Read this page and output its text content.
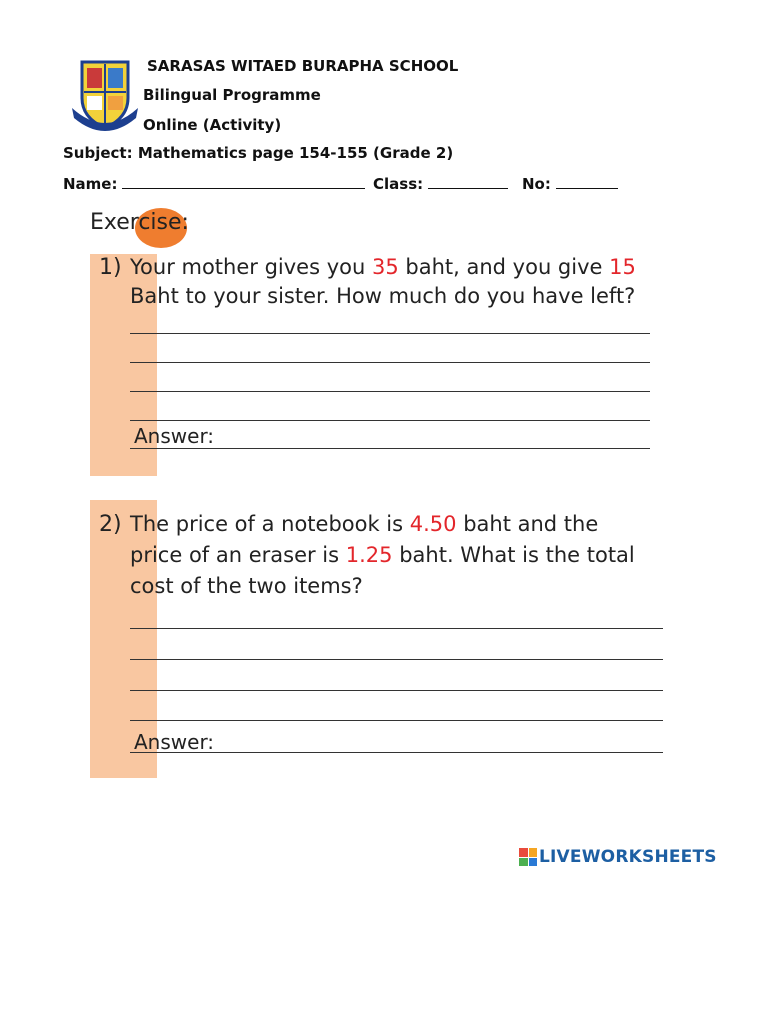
SARASAS WITAED BURAPHA SCHOOL
Bilingual Programme
Online (Activity)
Subject: Mathematics page 154-155 (Grade 2)
Name:	Class:	No:
Exercise:
1) Your mother gives you 35 baht, and you give 15
Baht to your sister. How much do you have left?
Answer:
2) The price of a notebook is 4.50 baht and the
price of an eraser is 1.25 baht. What is the total
cost of the two items?
Answer:
LIVEWORKSHEETS
